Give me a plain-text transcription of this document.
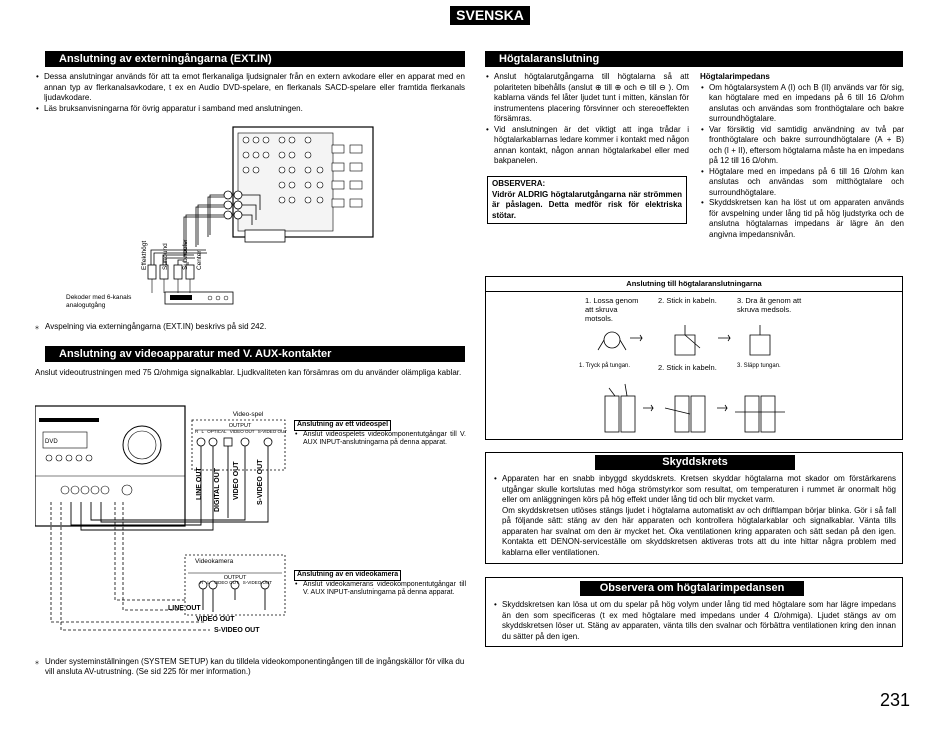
SVENSKA
Anslutning av externingångarna (EXT.IN)
• Dessa anslutningar används för att ta emot flerkanaliga ljudsignaler från en extern avkodare eller en apparat med en annan typ av flerkanalsavkodare, t ex en Audio DVD-spelare, en flerkanals SACD-spelare eller framtida flerkanals ljudavkodare.
• Läs bruksanvisningarna för övrig apparatur i samband med anslutningen.
Effekthögt Surround Subwoofer Center
Dekoder med 6-kanals analogutgång
⁎ Avspelning via externingångarna (EXT.IN) beskrivs på sid 242.
Anslutning av videoapparatur med V. AUX-kontakter
Anslut videoutrustningen med 75 Ω/ohmiga signalkablar. Ljudkvaliteten kan försämras om du använder olämpliga kablar.
DVD
Video-spel
OUTPUT
R L OPTICAL VIDEO OUT S-VIDEO OUT
LINE OUT DIGITAL OUT VIDEO OUT S-VIDEO OUT
Anslutning av ett videospel
• Anslut videospelets videokomponentutgångar till V. AUX INPUT-anslutningarna på denna apparat.
Videokamera
OUTPUT
R L VIDEO OUT S-VIDEO OUT
Anslutning av en videokamera
• Anslut videokamerans videokomponentutgångar till V. AUX INPUT-anslutningarna på denna apparat.
LINE OUT
VIDEO OUT
S-VIDEO OUT
⁎ Under systeminställningen (SYSTEM SETUP) kan du tilldela videokomponentingången till de ingångskällor för vilka du vill ansluta AV-utrustning. (Se sid 225 för mer information.)
Högtalaranslutning
• Anslut högtalarutgångarna till högtalarna så att polariteten bibehålls (anslut ⊕ till ⊕ och ⊖ till ⊖ ). Om kablarna vänds fel låter ljudet tunt i mitten, känslan för instrumentens placering försvinner och stereoeffekten försämras.
• Vid anslutningen är det viktigt att inga trådar i högtalarkablarnas ledare kommer i kontakt med någon annan kontakt, någon annan högtalarkabel eller med bakpanelen.

OBSERVERA:

Vidrör ALDRIG högtalarutgångarna när strömmen är påslagen. Detta medför risk för elektriska stötar.

Högtalarimpedans

• Om högtalarsystem A (I) och B (II) används var för sig, kan högtalare med en impedans på 6 till 16 Ω/ohm anslutas och användas som fronthögtalare och bakre surroundhögtalare.
• Var försiktig vid samtidig användning av två par fronthögtalare och bakre surroundhögtalare (A + B) och (I + II), eftersom högtalarna måste ha en impedans på 12 till 16 Ω/ohm.
• Högtalare med en impedans på 6 till 16 Ω/ohm kan anslutas och användas som mitthögtalare och surroundhögtalare.
• Skyddskretsen kan ha löst ut om apparaten används för avspelning under lång tid på hög ljudstyrka och de anslutna högtalarnas impedans är lägre än den angivna impedansnivån.
Anslutning till högtalaranslutningarna
1. Lossa genom att skruva motsols.
2. Stick in kabeln.	3. Dra åt genom att skruva medsols.
1. Tryck på tungan.	2. Stick in kabeln.	3. Släpp tungan.
Skyddskrets
• Apparaten har en snabb inbyggd skyddskrets. Kretsen skyddar högtalarna mot skador om förstärkarens utgångar skulle kortslutas med höga strömstyrkor som resultat, om temperaturen i rummet är onormalt hög eller om anläggningen körs på hög effekt under lång tid och blir mycket varm.

Om skyddskretsen utlöses stängs ljudet i högtalarna automatiskt av och driftlampan börjar blinka. Gör i så fall på följande sätt: stäng av den här apparaten och kontrollera högtalarkablar och signalkablar. Vänta tills apparaten har svalnat om den är mycket het. Öka ventilationen kring apparaten och sätt sedan på den igen. Kontakta ett DENON-serviceställe om skyddskretsen aktiveras trots att du inte hittar några problem med kablarna eller ventilationen.

Observera om högtalarimpedansen
• Skyddskretsen kan lösa ut om du spelar på hög volym under lång tid med högtalare som har lägre impedans än den som specificeras (t ex med högtalare med impedans under 4 Ω/ohmiga). Ljudet stängs av om skyddskretsen löser ut. Stäng av apparaten, vänta tills den svalnar och förbättra ventilationen kring den innan du sätter på den igen.
231
